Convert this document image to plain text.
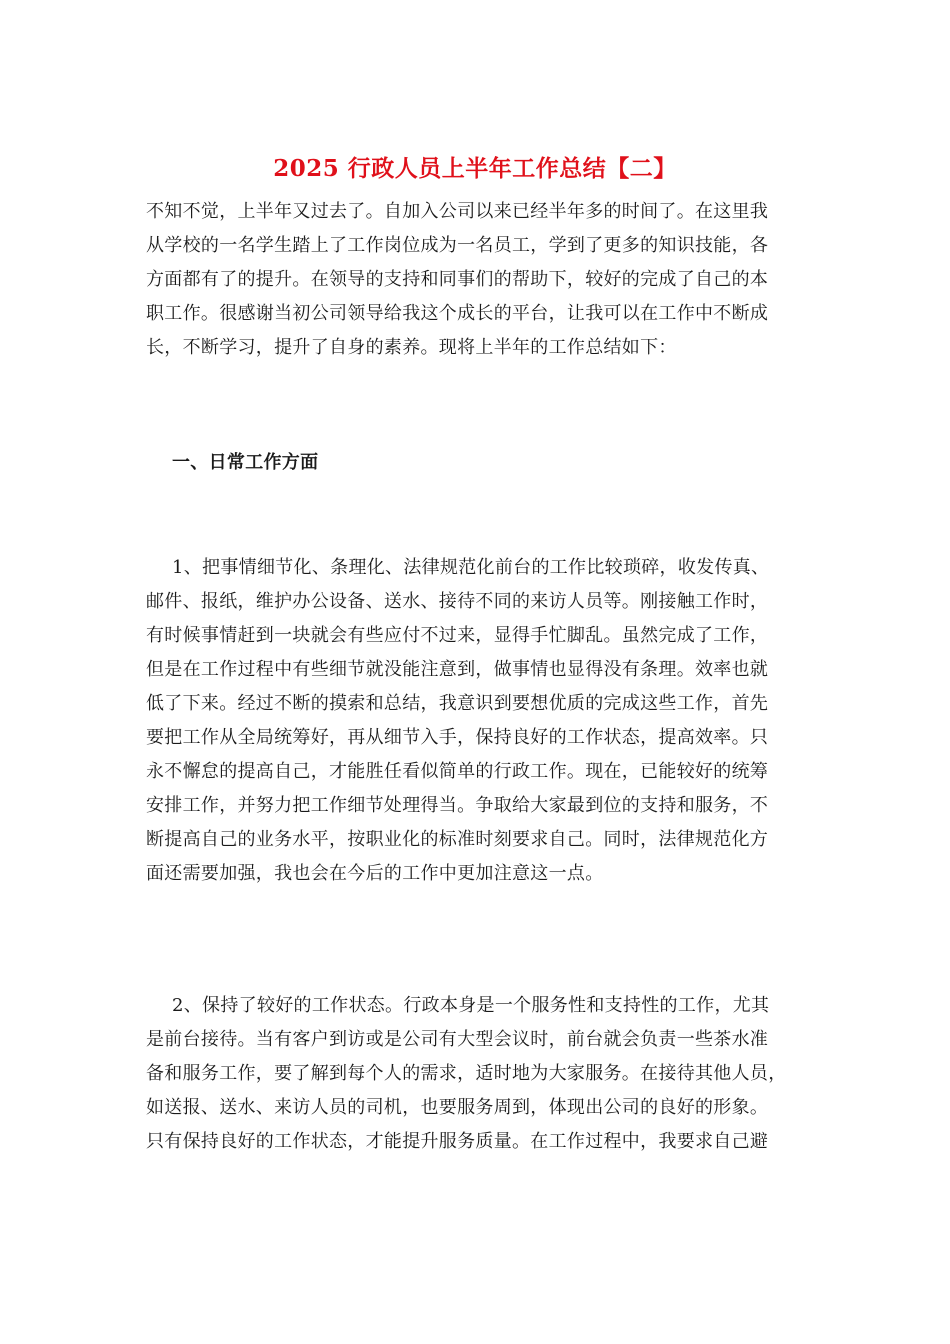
2025 行政人员上半年工作总结【二】
不知不觉，上半年又过去了。自加入公司以来已经半年多的时间了。在这里我
从学校的一名学生踏上了工作岗位成为一名员工，学到了更多的知识技能，各
方面都有了的提升。在领导的支持和同事们的帮助下，较好的完成了自己的本
职工作。很感谢当初公司领导给我这个成长的平台，让我可以在工作中不断成
长，不断学习，提升了自身的素养。现将上半年的工作总结如下：
一、日常工作方面
1、把事情细节化、条理化、法律规范化前台的工作比较琐碎，收发传真、
邮件、报纸，维护办公设备、送水、接待不同的来访人员等。刚接触工作时，
有时候事情赶到一块就会有些应付不过来，显得手忙脚乱。虽然完成了工作，
但是在工作过程中有些细节就没能注意到，做事情也显得没有条理。效率也就
低了下来。经过不断的摸索和总结，我意识到要想优质的完成这些工作，首先
要把工作从全局统筹好，再从细节入手，保持良好的工作状态，提高效率。只
永不懈怠的提高自己，才能胜任看似简单的行政工作。现在，已能较好的统筹
安排工作，并努力把工作细节处理得当。争取给大家最到位的支持和服务，不
断提高自己的业务水平，按职业化的标准时刻要求自己。同时，法律规范化方
面还需要加强，我也会在今后的工作中更加注意这一点。
2、保持了较好的工作状态。行政本身是一个服务性和支持性的工作，尤其
是前台接待。当有客户到访或是公司有大型会议时，前台就会负责一些茶水准
备和服务工作，要了解到每个人的需求，适时地为大家服务。在接待其他人员，
如送报、送水、来访人员的司机，也要服务周到，体现出公司的良好的形象。
只有保持良好的工作状态，才能提升服务质量。在工作过程中，我要求自己避
